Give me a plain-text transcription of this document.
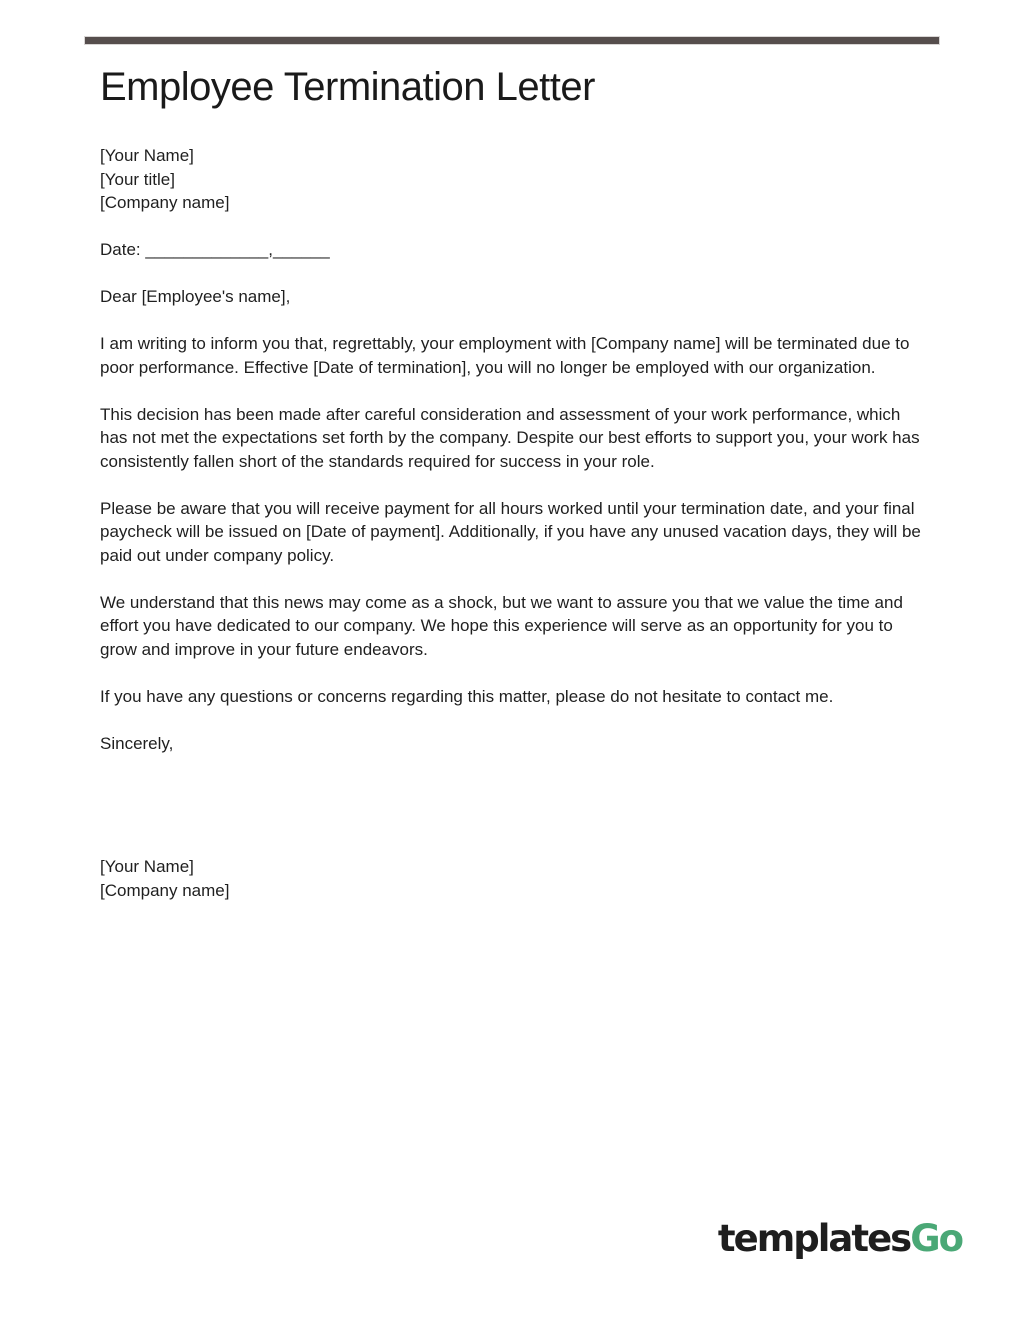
Employee Termination Letter
[Your Name]
[Your title]
[Company name]
Date: _____________,______
Dear [Employee's name],

I am writing to inform you that, regrettably, your employment with [Company name] will be terminated due to poor performance. Effective [Date of termination], you will no longer be employed with our organization.

This decision has been made after careful consideration and assessment of your work performance, which has not met the expectations set forth by the company. Despite our best efforts to support you, your work has consistently fallen short of the standards required for success in your role.

Please be aware that you will receive payment for all hours worked until your termination date, and your final paycheck will be issued on [Date of payment]. Additionally, if you have any unused vacation days, they will be paid out under company policy.

We understand that this news may come as a shock, but we want to assure you that we value the time and effort you have dedicated to our company. We hope this experience will serve as an opportunity for you to grow and improve in your future endeavors.

If you have any questions or concerns regarding this matter, please do not hesitate to contact me.

Sincerely,
[Your Name]
[Company name]
templatesGo
